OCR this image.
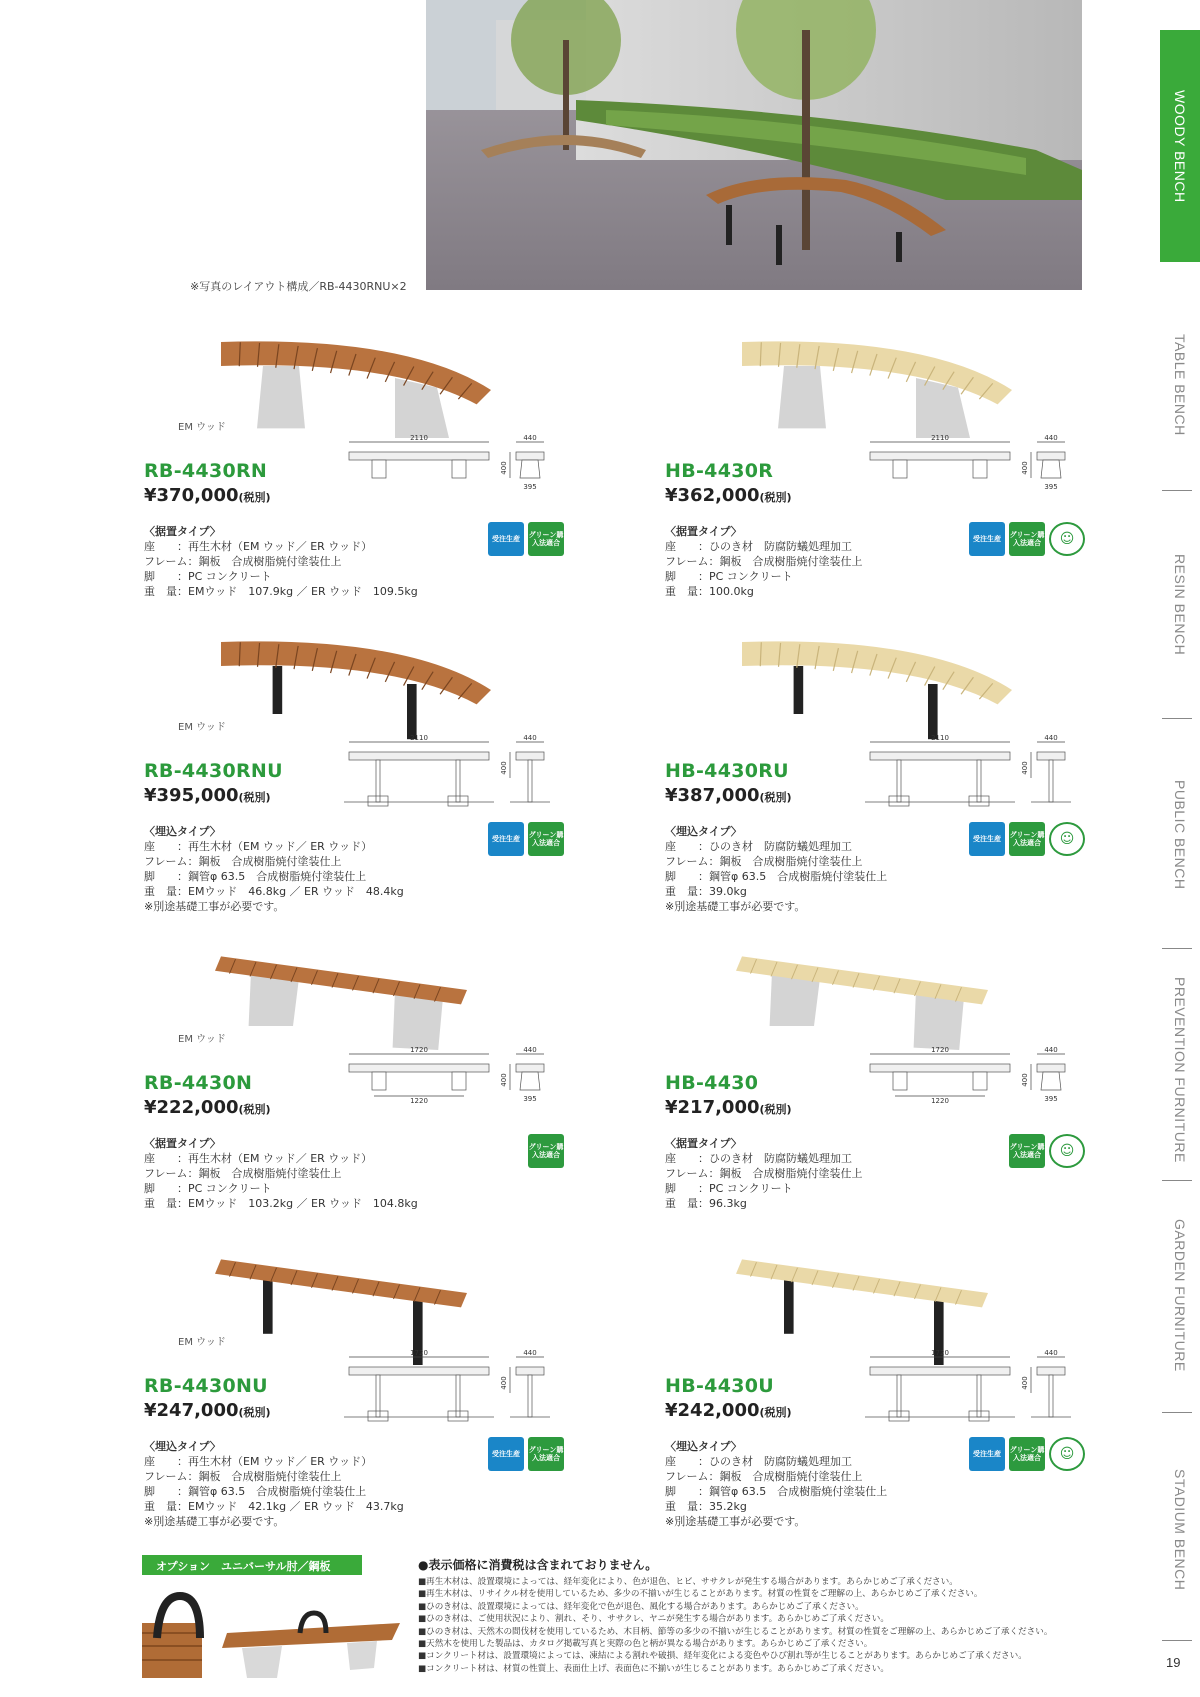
※写真のレイアウト構成／RB-4430RNU×2
WOODY BENCH
TABLE BENCH
RESIN BENCH
PUBLIC BENCH
PREVENTION FURNITURE
GARDEN FURNITURE
STADIUM BENCH
19
EM ウッド
RB-4430RN
¥370,000(税別)
2110	440
400
395
〈据置タイプ〉
座　　：再生木材（EM ウッド／ ER ウッド）
フレーム：鋼板　合成樹脂焼付塗装仕上
脚　　：PC コンクリート
重　量：EMウッド　107.9kg ／ ER ウッド　109.5kg
受注生産	グリーン購入法適合
HB-4430R
¥362,000(税別)
2110	440
400
395
〈据置タイプ〉
座　　：ひのき材　防腐防蟻処理加工
フレーム：鋼板　合成樹脂焼付塗装仕上
脚　　：PC コンクリート
重　量：100.0kg
受注生産	グリーン購入法適合	☺
EM ウッド
RB-4430RNU
¥395,000(税別)
2110	440
400
〈埋込タイプ〉
座　　：再生木材（EM ウッド／ ER ウッド）
フレーム：鋼板　合成樹脂焼付塗装仕上
脚　　：鋼管φ 63.5　合成樹脂焼付塗装仕上
重　量：EMウッド　46.8kg ／ ER ウッド　48.4kg
※別途基礎工事が必要です。
受注生産	グリーン購入法適合
HB-4430RU
¥387,000(税別)
2110	440
400
〈埋込タイプ〉
座　　：ひのき材　防腐防蟻処理加工
フレーム：鋼板　合成樹脂焼付塗装仕上
脚　　：鋼管φ 63.5　合成樹脂焼付塗装仕上
重　量：39.0kg
※別途基礎工事が必要です。
受注生産	グリーン購入法適合	☺
EM ウッド
RB-4430N
¥222,000(税別)
1720	440
400
395
1220
〈据置タイプ〉
座　　：再生木材（EM ウッド／ ER ウッド）
フレーム：鋼板　合成樹脂焼付塗装仕上
脚　　：PC コンクリート
重　量：EMウッド　103.2kg ／ ER ウッド　104.8kg
グリーン購入法適合
HB-4430
¥217,000(税別)
1720	440
400
395
1220
〈据置タイプ〉
座　　：ひのき材　防腐防蟻処理加工
フレーム：鋼板　合成樹脂焼付塗装仕上
脚　　：PC コンクリート
重　量：96.3kg
グリーン購入法適合	☺
EM ウッド
RB-4430NU
¥247,000(税別)
1720	440
400
〈埋込タイプ〉
座　　：再生木材（EM ウッド／ ER ウッド）
フレーム：鋼板　合成樹脂焼付塗装仕上
脚　　：鋼管φ 63.5　合成樹脂焼付塗装仕上
重　量：EMウッド　42.1kg ／ ER ウッド　43.7kg
※別途基礎工事が必要です。
受注生産	グリーン購入法適合
HB-4430U
¥242,000(税別)
1720	440
400
〈埋込タイプ〉
座　　：ひのき材　防腐防蟻処理加工
フレーム：鋼板　合成樹脂焼付塗装仕上
脚　　：鋼管φ 63.5　合成樹脂焼付塗装仕上
重　量：35.2kg
※別途基礎工事が必要です。
受注生産	グリーン購入法適合	☺
オプション　ユニバーサル肘／鋼板	●表示価格に消費税は含まれておりません。
■再生木材は、設置環境によっては、経年変化により、色が退色、ヒビ、ササクレが発生する場合があります。あらかじめご了承ください。
■再生木材は、リサイクル材を使用しているため、多少の不揃いが生じることがあります。材質の性質をご理解の上、あらかじめご了承ください。
■ひのき材は、設置環境によっては、経年変化で色が退色、風化する場合があります。あらかじめご了承ください。
■ひのき材は、ご使用状況により、割れ、そり、ササクレ、ヤニが発生する場合があります。あらかじめご了承ください。
■ひのき材は、天然木の間伐材を使用しているため、木目柄、節等の多少の不揃いが生じることがあります。材質の性質をご理解の上、あらかじめご了承ください。
■天然木を使用した製品は、カタログ掲載写真と実際の色と柄が異なる場合があります。あらかじめご了承ください。
■コンクリート材は、設置環境によっては、凍結による割れや破損、経年変化による変色やひび割れ等が生じることがあります。あらかじめご了承ください。
■コンクリート材は、材質の性質上、表面仕上げ、表面色に不揃いが生じることがあります。あらかじめご了承ください。
